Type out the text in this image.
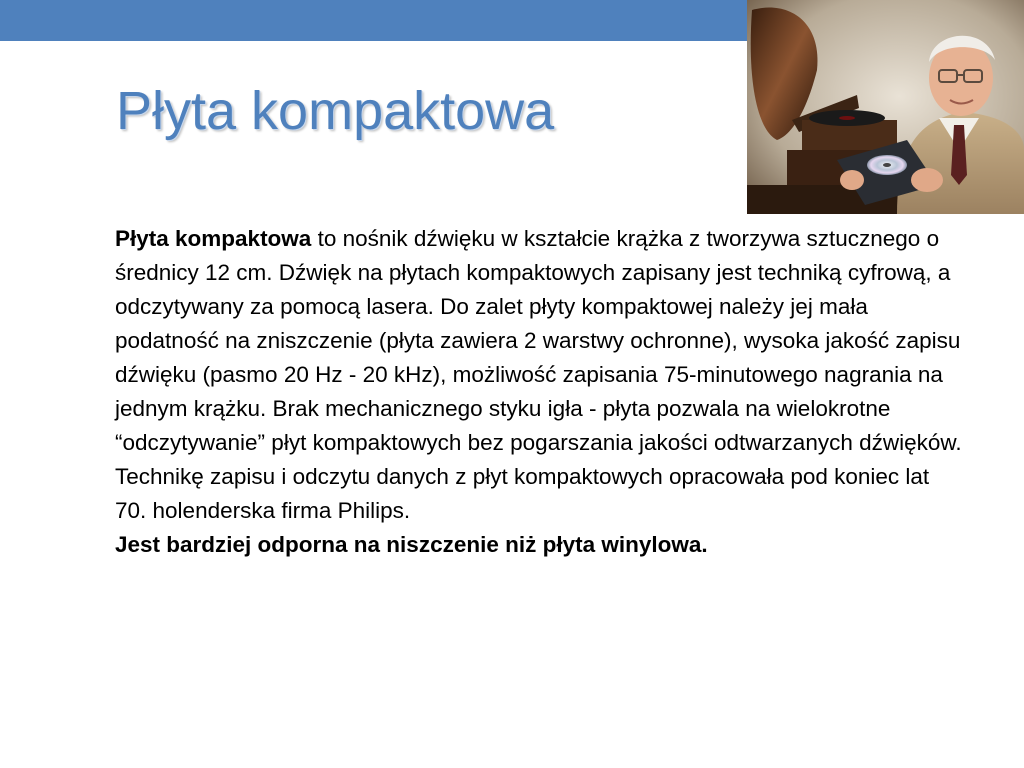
Płyta kompaktowa

Płyta kompaktowa to nośnik dźwięku w kształcie krążka z tworzywa sztucznego o średnicy 12 cm. Dźwięk na płytach kompaktowych zapisany jest techniką cyfrową, a odczytywany za pomocą lasera. Do zalet płyty kompaktowej należy jej mała podatność na zniszczenie (płyta zawiera 2 warstwy ochronne), wysoka jakość zapisu dźwięku (pasmo 20 Hz - 20 kHz), możliwość zapisania 75-minutowego nagrania na jednym krążku. Brak mechanicznego styku igła - płyta pozwala na wielokrotne “odczytywanie” płyt kompaktowych bez pogarszania jakości odtwarzanych dźwięków. Technikę zapisu i odczytu danych z płyt kompaktowych opracowała pod koniec lat 70. holenderska firma Philips.

Jest bardziej odporna na niszczenie niż płyta winylowa.
